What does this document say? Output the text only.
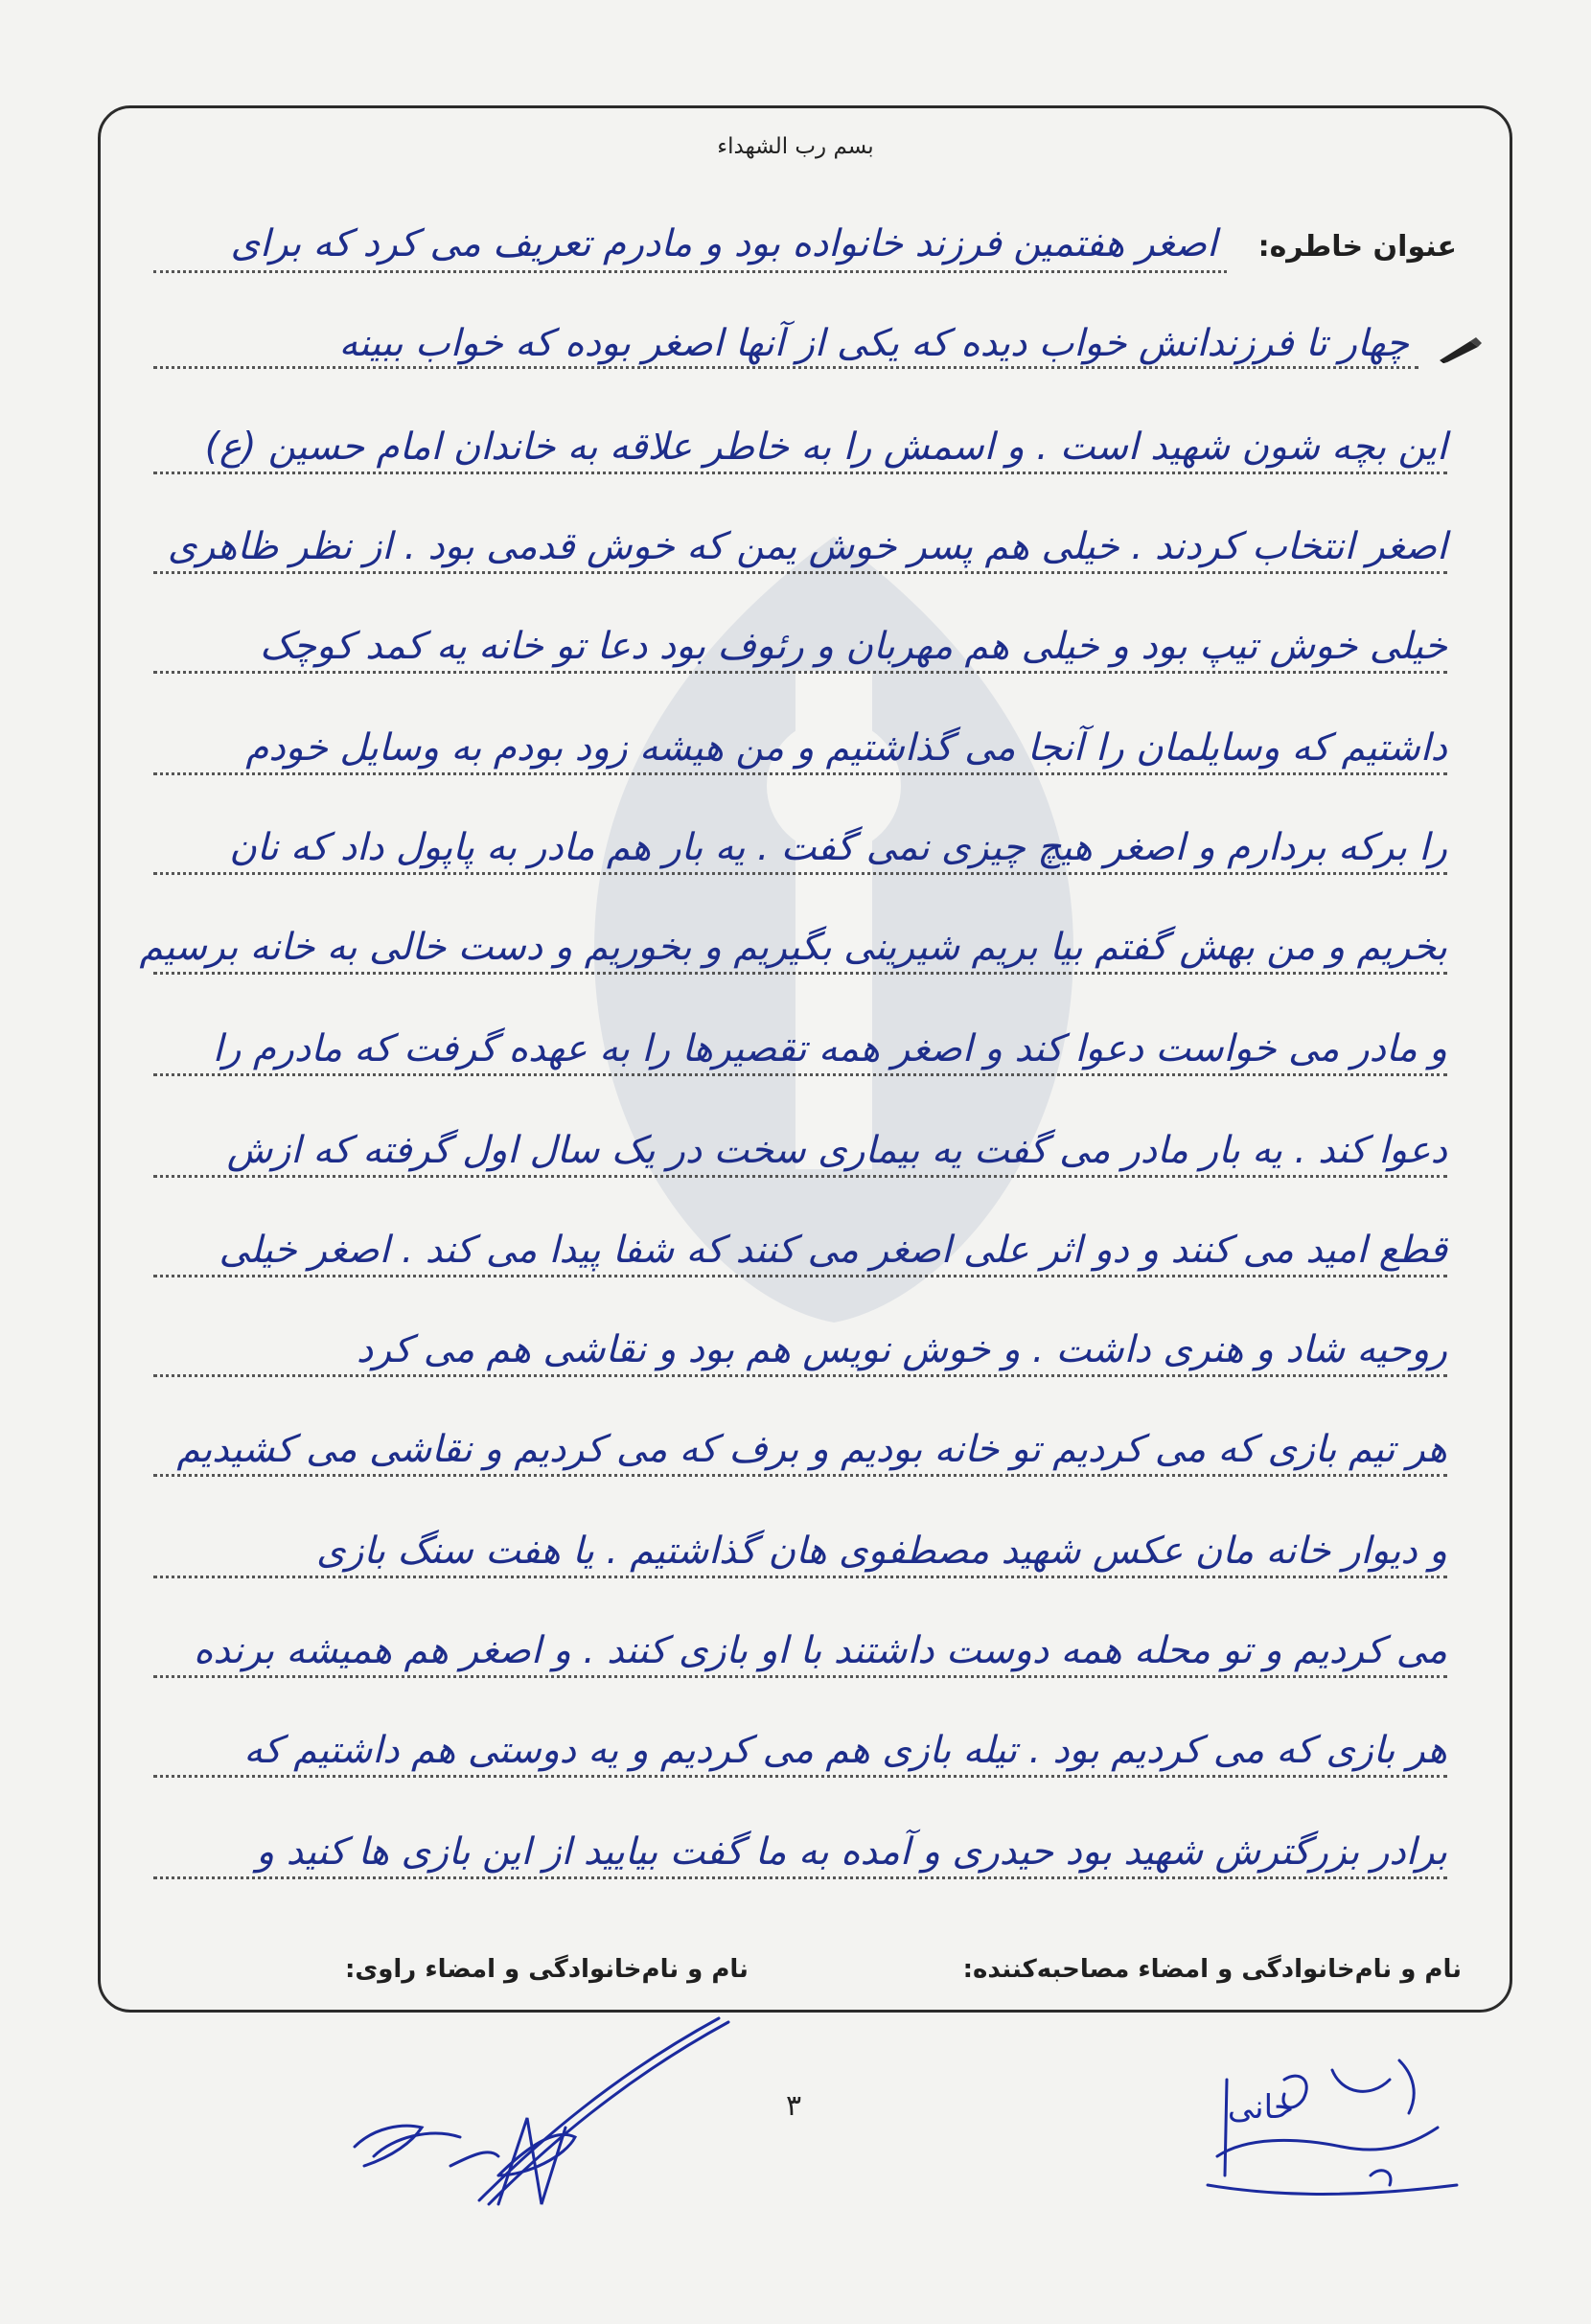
بسم رب الشهداء
عنوان خاطره:
اصغر هفتمین فرزند خانواده بود و مادرم تعریف می کرد که برای
چهار تا فرزندانش خواب دیده که یکی از آنها اصغر بوده که خواب ببینه
این بچه شون شهید است . و اسمش را به خاطر علاقه به خاندان امام حسین (ع)
اصغر انتخاب کردند . خیلی هم پسر خوش یمن که خوش قدمی بود . از نظر ظاهری
خیلی خوش تیپ بود و خیلی هم مهربان و رئوف بود دعا تو خانه یه کمد کوچک
داشتیم که وسایلمان را آنجا می گذاشتیم و من هیشه زود بودم به وسایل خودم
را برکه بردارم و اصغر هیچ چیزی نمی گفت . یه بار هم مادر به پاپول داد که نان
بخریم و من بهش گفتم بیا بریم شیرینی بگیریم و بخوریم و دست خالی به خانه برسیم
و مادر می خواست دعوا کند و اصغر همه تقصیرها را به عهده گرفت که مادرم را
دعوا کند . یه بار مادر می گفت یه بیماری سخت در یک سال اول گرفته که ازش
قطع امید می کنند و دو اثر علی اصغر می کنند که شفا پیدا می کند . اصغر خیلی
روحیه شاد و هنری داشت . و خوش نویس هم بود و نقاشی هم می کرد
هر تیم بازی که می کردیم تو خانه بودیم و برف که می کردیم و نقاشی می کشیدیم
و دیوار خانه مان عکس شهید مصطفوی هان گذاشتیم . یا هفت سنگ بازی
می کردیم و تو محله همه دوست داشتند با او بازی کنند . و اصغر هم همیشه برنده
هر بازی که می کردیم بود . تیله بازی هم می کردیم و یه دوستی هم داشتیم که
برادر بزرگترش شهید بود حیدری و آمده به ما گفت بیایید از این بازی ها کنید و
نام و نام‌خانوادگی و امضاء مصاحبه‌کننده:
نام و نام‌خانوادگی و امضاء راوی:
۳	خانی
